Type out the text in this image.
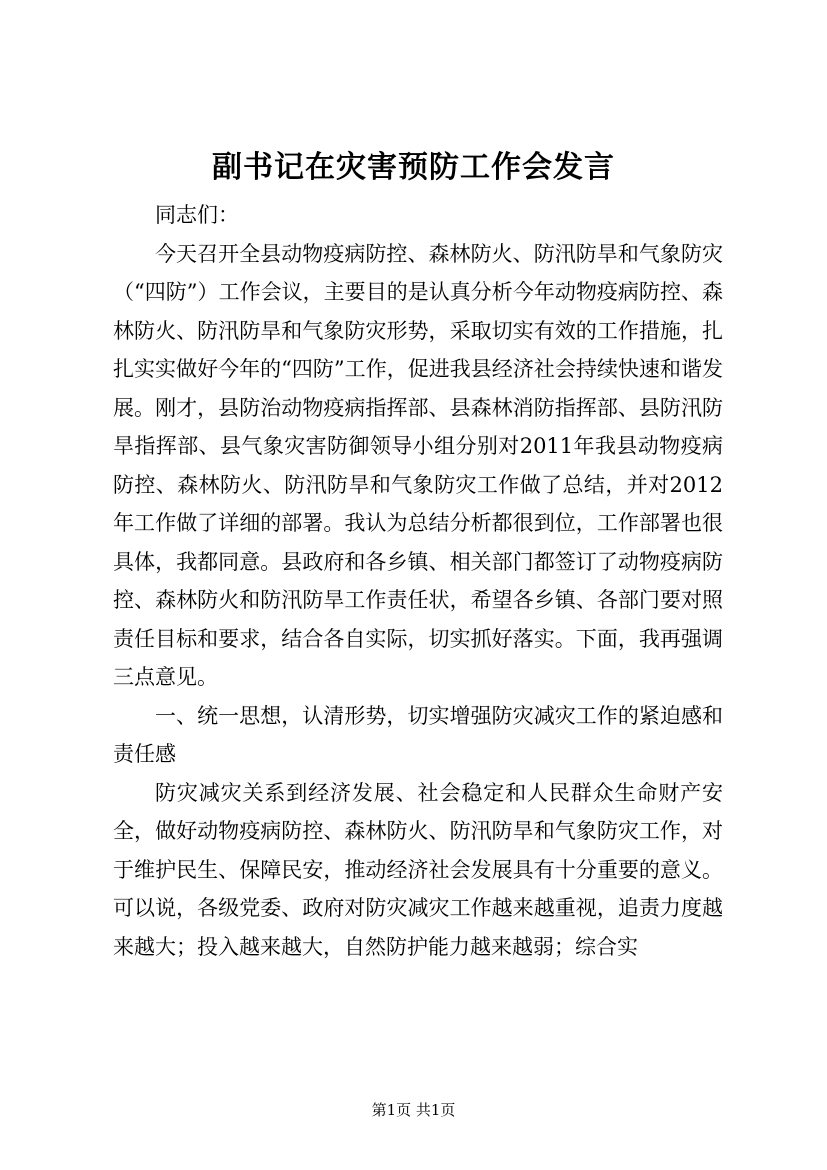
副书记在灾害预防工作会发言

同志们：

今天召开全县动物疫病防控、森林防火、防汛防旱和气象防灾（“四防”）工作会议，主要目的是认真分析今年动物疫病防控、森林防火、防汛防旱和气象防灾形势，采取切实有效的工作措施，扎扎实实做好今年的“四防”工作，促进我县经济社会持续快速和谐发展。刚才，县防治动物疫病指挥部、县森林消防指挥部、县防汛防旱指挥部、县气象灾害防御领导小组分别对2011年我县动物疫病防控、森林防火、防汛防旱和气象防灾工作做了总结，并对2012年工作做了详细的部署。我认为总结分析都很到位，工作部署也很具体，我都同意。县政府和各乡镇、相关部门都签订了动物疫病防控、森林防火和防汛防旱工作责任状，希望各乡镇、各部门要对照责任目标和要求，结合各自实际，切实抓好落实。下面，我再强调三点意见。

一、统一思想，认清形势，切实增强防灾减灾工作的紧迫感和责任感

防灾减灾关系到经济发展、社会稳定和人民群众生命财产安全，做好动物疫病防控、森林防火、防汛防旱和气象防灾工作，对于维护民生、保障民安，推动经济社会发展具有十分重要的意义。可以说，各级党委、政府对防灾减灾工作越来越重视，追责力度越来越大；投入越来越大，自然防护能力越来越弱；综合实

第1页 共1页
